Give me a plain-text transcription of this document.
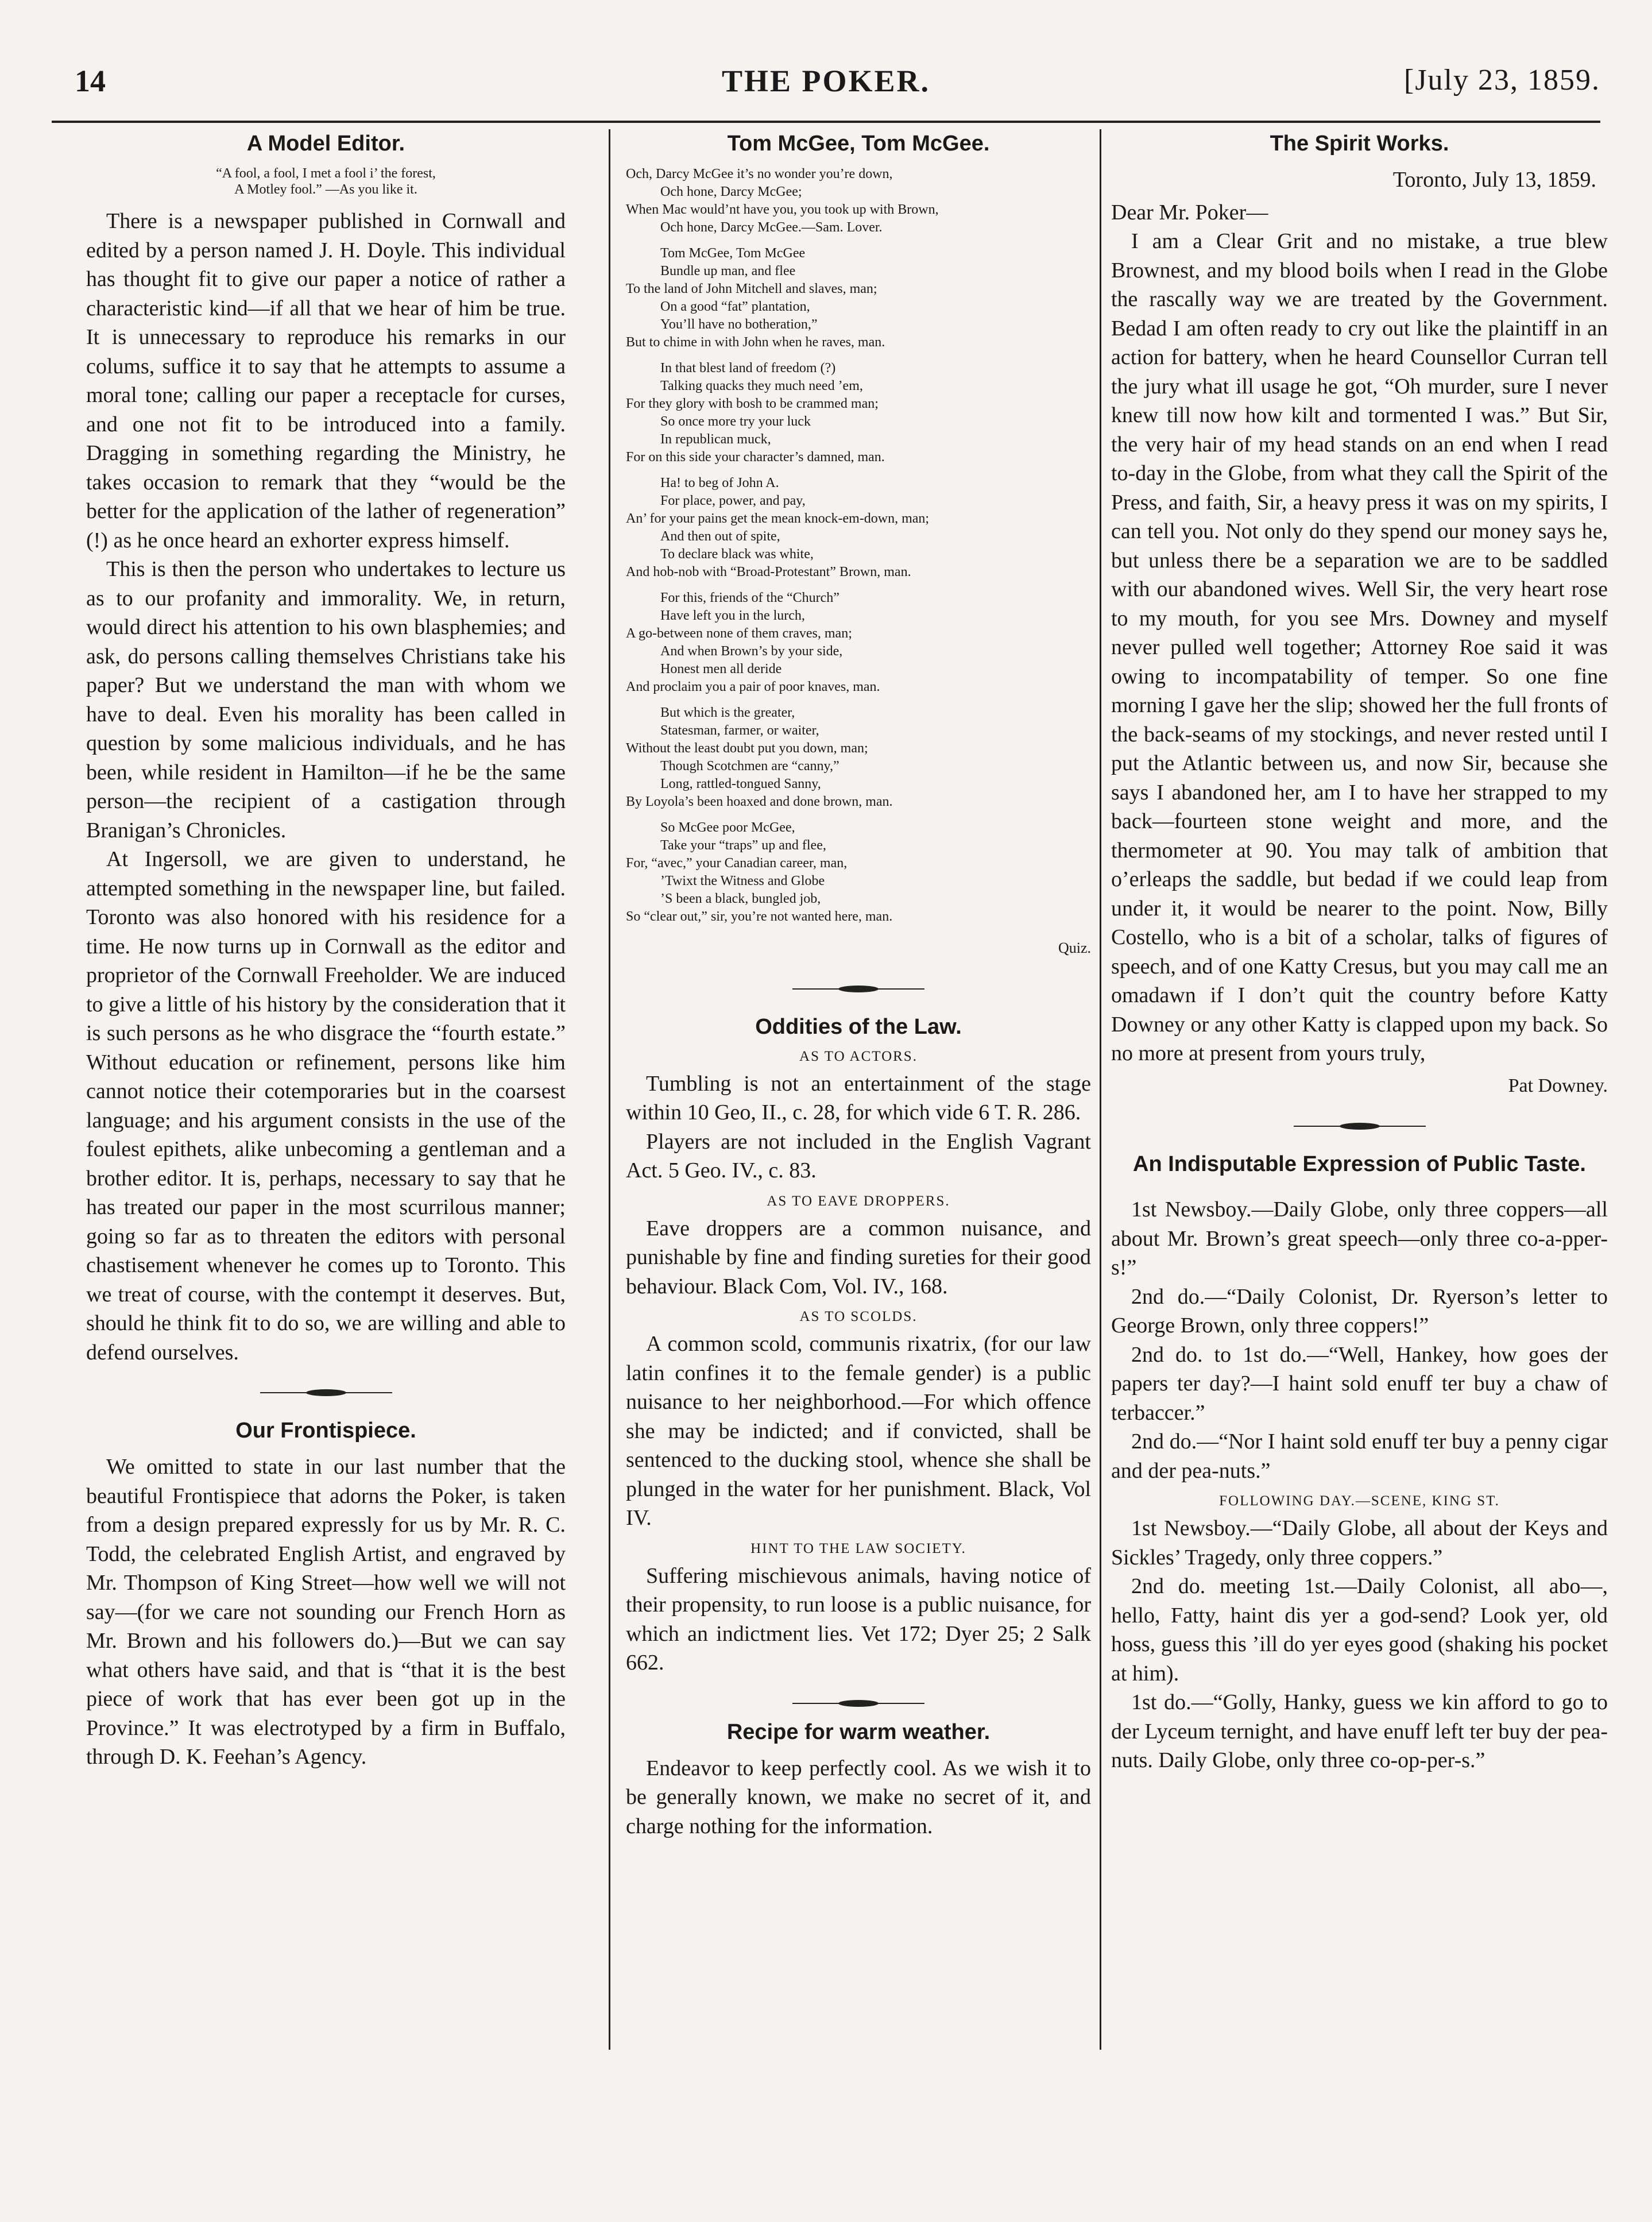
14	THE POKER.	[July 23, 1859.
A Model Editor.
“A fool, a fool, I met a fool i’ the forest,
A Motley fool.” —As you like it.

There is a newspaper published in Cornwall and edited by a person named J. H. Doyle. This individual has thought fit to give our paper a notice of rather a characteristic kind—if all that we hear of him be true. It is unnecessary to reproduce his remarks in our colums, suffice it to say that he attempts to assume a moral tone; calling our paper a receptacle for curses, and one not fit to be introduced into a family. Dragging in something regarding the Ministry, he takes occasion to remark that they “would be the better for the application of the lather of regeneration” (!) as he once heard an exhorter express himself.

This is then the person who undertakes to lecture us as to our profanity and immorality. We, in return, would direct his attention to his own blasphemies; and ask, do persons calling themselves Christians take his paper? But we understand the man with whom we have to deal. Even his morality has been called in question by some malicious individuals, and he has been, while resident in Hamilton—if he be the same person—the recipient of a castigation through Branigan’s Chronicles.

At Ingersoll, we are given to understand, he attempted something in the newspaper line, but failed. Toronto was also honored with his residence for a time. He now turns up in Cornwall as the editor and proprietor of the Cornwall Freeholder. We are induced to give a little of his history by the consideration that it is such persons as he who disgrace the “fourth estate.” Without education or refinement, persons like him cannot notice their cotemporaries but in the coarsest language; and his argument consists in the use of the foulest epithets, alike unbecoming a gentleman and a brother editor. It is, perhaps, necessary to say that he has treated our paper in the most scurrilous manner; going so far as to threaten the editors with personal chastisement whenever he comes up to Toronto. This we treat of course, with the contempt it deserves. But, should he think fit to do so, we are willing and able to defend ourselves.

Our Frontispiece.

We omitted to state in our last number that the beautiful Frontispiece that adorns the Poker, is taken from a design prepared expressly for us by Mr. R. C. Todd, the celebrated English Artist, and engraved by Mr. Thompson of King Street—how well we will not say—(for we care not sounding our French Horn as Mr. Brown and his followers do.)—But we can say what others have said, and that is “that it is the best piece of work that has ever been got up in the Province.” It was electrotyped by a firm in Buffalo, through D. K. Feehan’s Agency.

Tom McGee, Tom McGee.
Och, Darcy McGee it’s no wonder you’re down,
Och hone, Darcy McGee;
When Mac would’nt have you, you took up with Brown,
Och hone, Darcy McGee.—Sam. Lover.
Tom McGee, Tom McGee
Bundle up man, and flee
To the land of John Mitchell and slaves, man;
On a good “fat” plantation,
You’ll have no botheration,”
But to chime in with John when he raves, man.
In that blest land of freedom (?)
Talking quacks they much need ’em,
For they glory with bosh to be crammed man;
So once more try your luck
In republican muck,
For on this side your character’s damned, man.
Ha! to beg of John A.
For place, power, and pay,
An’ for your pains get the mean knock-em-down, man;
And then out of spite,
To declare black was white,
And hob-nob with “Broad-Protestant” Brown, man.
For this, friends of the “Church”
Have left you in the lurch,
A go-between none of them craves, man;
And when Brown’s by your side,
Honest men all deride
And proclaim you a pair of poor knaves, man.
But which is the greater,
Statesman, farmer, or waiter,
Without the least doubt put you down, man;
Though Scotchmen are “canny,”
Long, rattled-tongued Sanny,
By Loyola’s been hoaxed and done brown, man.
So McGee poor McGee,
Take your “traps” up and flee,
For, “avec,” your Canadian career, man,
’Twixt the Witness and Globe
’S been a black, bungled job,
So “clear out,” sir, you’re not wanted here, man.

Quiz.

Oddities of the Law.
AS TO ACTORS.

Tumbling is not an entertainment of the stage within 10 Geo, II., c. 28, for which vide 6 T. R. 286.

Players are not included in the English Vagrant Act. 5 Geo. IV., c. 83.

AS TO EAVE DROPPERS.

Eave droppers are a common nuisance, and punishable by fine and finding sureties for their good behaviour. Black Com, Vol. IV., 168.

AS TO SCOLDS.

A common scold, communis rixatrix, (for our law latin confines it to the female gender) is a public nuisance to her neighborhood.—For which offence she may be indicted; and if convicted, shall be sentenced to the ducking stool, whence she shall be plunged in the water for her punishment. Black, Vol IV.

HINT TO THE LAW SOCIETY.

Suffering mischievous animals, having notice of their propensity, to run loose is a public nuisance, for which an indictment lies. Vet 172; Dyer 25; 2 Salk 662.

Recipe for warm weather.

Endeavor to keep perfectly cool. As we wish it to be generally known, we make no secret of it, and charge nothing for the information.

The Spirit Works.

Toronto, July 13, 1859.

Dear Mr. Poker—

I am a Clear Grit and no mistake, a true blew Brownest, and my blood boils when I read in the Globe the rascally way we are treated by the Government. Bedad I am often ready to cry out like the plaintiff in an action for battery, when he heard Counsellor Curran tell the jury what ill usage he got, “Oh murder, sure I never knew till now how kilt and tormented I was.” But Sir, the very hair of my head stands on an end when I read to-day in the Globe, from what they call the Spirit of the Press, and faith, Sir, a heavy press it was on my spirits, I can tell you. Not only do they spend our money says he, but unless there be a separation we are to be saddled with our abandoned wives. Well Sir, the very heart rose to my mouth, for you see Mrs. Downey and myself never pulled well together; Attorney Roe said it was owing to incompatability of temper. So one fine morning I gave her the slip; showed her the full fronts of the back-seams of my stockings, and never rested until I put the Atlantic between us, and now Sir, because she says I abandoned her, am I to have her strapped to my back—fourteen stone weight and more, and the thermometer at 90. You may talk of ambition that o’erleaps the saddle, but bedad if we could leap from under it, it would be nearer to the point. Now, Billy Costello, who is a bit of a scholar, talks of figures of speech, and of one Katty Cresus, but you may call me an omadawn if I don’t quit the country before Katty Downey or any other Katty is clapped upon my back. So no more at present from yours truly,

Pat Downey.

An Indisputable Expression of Public Taste.

1st Newsboy.—Daily Globe, only three coppers—all about Mr. Brown’s great speech—only three co-a-pper-s!”

2nd do.—“Daily Colonist, Dr. Ryerson’s letter to George Brown, only three coppers!”

2nd do. to 1st do.—“Well, Hankey, how goes der papers ter day?—I haint sold enuff ter buy a chaw of terbaccer.”

2nd do.—“Nor I haint sold enuff ter buy a penny cigar and der pea-nuts.”

FOLLOWING DAY.—SCENE, KING ST.

1st Newsboy.—“Daily Globe, all about der Keys and Sickles’ Tragedy, only three coppers.”

2nd do. meeting 1st.—Daily Colonist, all abo—, hello, Fatty, haint dis yer a god-send? Look yer, old hoss, guess this ’ill do yer eyes good (shaking his pocket at him).

1st do.—“Golly, Hanky, guess we kin afford to go to der Lyceum ternight, and have enuff left ter buy der pea-nuts. Daily Globe, only three co-op-per-s.”
